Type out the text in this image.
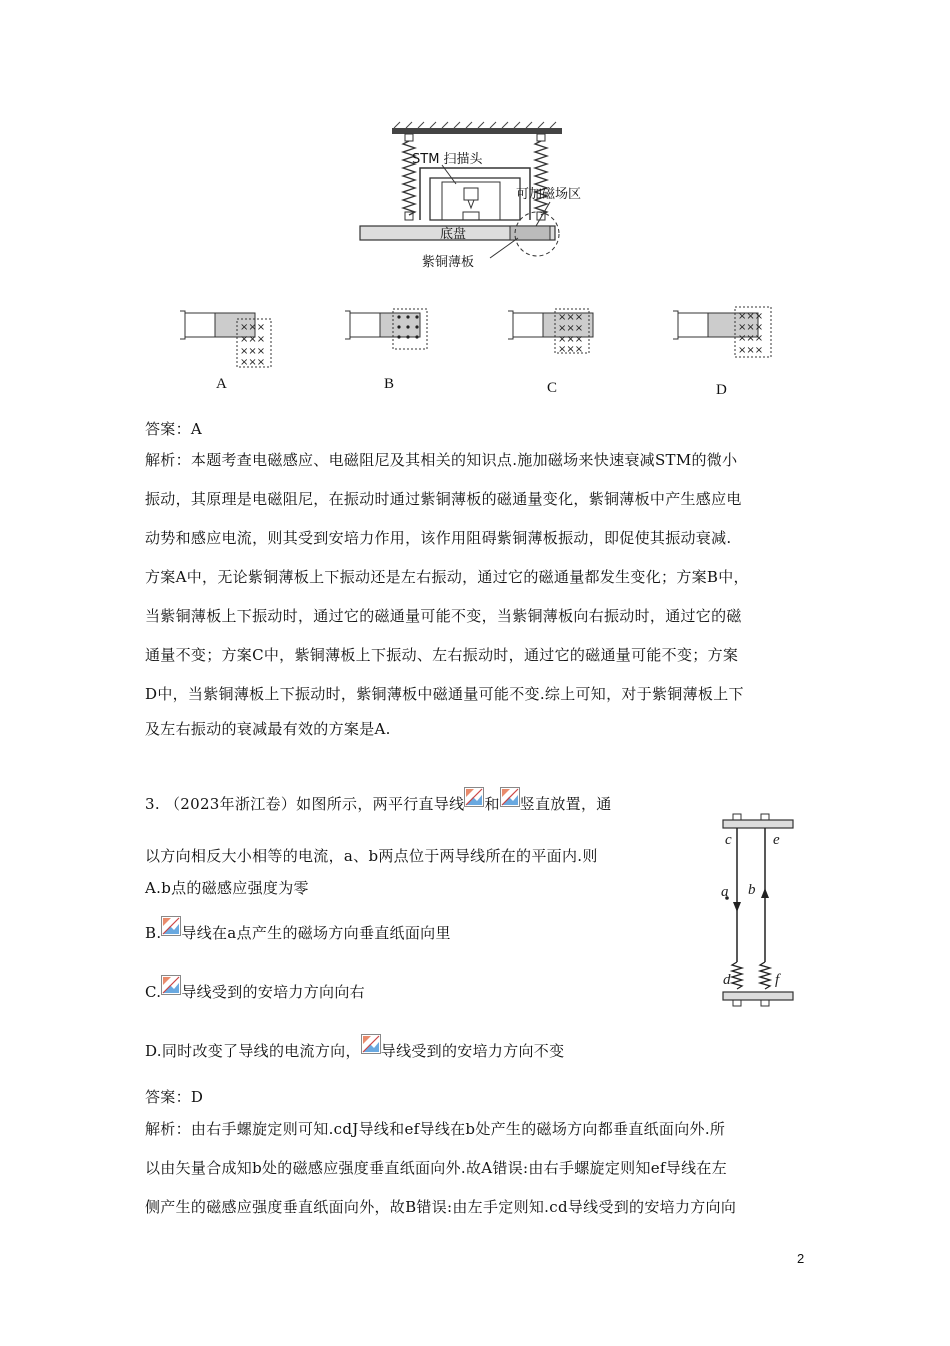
STM 扫描头
底盘
可加磁场区
紫铜薄板
×××
×××
×××
×××
×××
×××
×××
×××
×××
×××
×××
×××
A	B	C	D
答案：A
解析：本题考查电磁感应、电磁阻尼及其相关的知识点.施加磁场来快速衰减STM的微小
振动，其原理是电磁阻尼，在振动时通过紫铜薄板的磁通量变化，紫铜薄板中产生感应电
动势和感应电流，则其受到安培力作用，该作用阻碍紫铜薄板振动，即促使其振动衰减.
方案A中，无论紫铜薄板上下振动还是左右振动，通过它的磁通量都发生变化；方案B中，
当紫铜薄板上下振动时，通过它的磁通量可能不变，当紫铜薄板向右振动时，通过它的磁
通量不变；方案C中，紫铜薄板上下振动、左右振动时，通过它的磁通量可能不变；方案
D中，当紫铜薄板上下振动时，紫铜薄板中磁通量可能不变.综上可知，对于紫铜薄板上下
及左右振动的衰减最有效的方案是A.
3. （2023年浙江卷）如图所示，两平行直导线 和 竖直放置，通
以方向相反大小相等的电流，a、b两点位于两导线所在的平面内.则
A.b点的磁感应强度为零
B. 导线在a点产生的磁场方向垂直纸面向里
C. 导线受到的安培力方向向右
D.同时改变了导线的电流方向， 导线受到的安培力方向不变
c	e
a b
d	f
答案：D
解析：由右手螺旋定则可知.cdJ导线和ef导线在b处产生的磁场方向都垂直纸面向外.所
以由矢量合成知b处的磁感应强度垂直纸面向外.故A错误:由右手螺旋定则知ef导线在左
侧产生的磁感应强度垂直纸面向外，故B错误:由左手定则知.cd导线受到的安培力方向向
2
